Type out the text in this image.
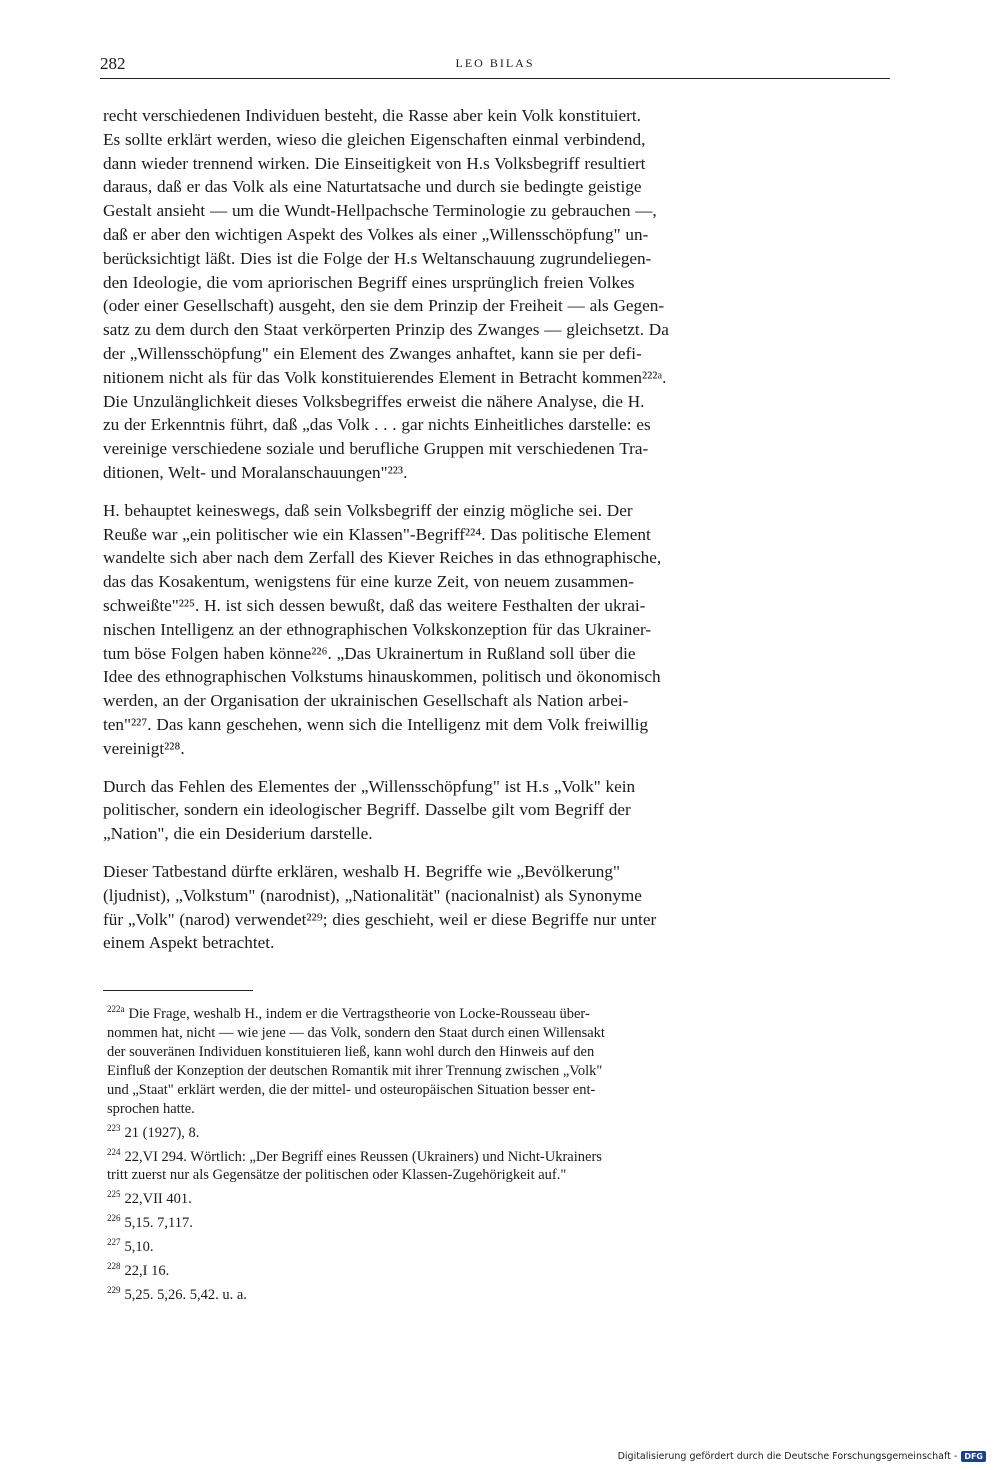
282	LEO BILAS

recht verschiedenen Individuen besteht, die Rasse aber kein Volk konstituiert.
Es sollte erklärt werden, wieso die gleichen Eigenschaften einmal verbindend,
dann wieder trennend wirken. Die Einseitigkeit von H.s Volksbegriff resultiert
daraus, daß er das Volk als eine Naturtatsache und durch sie bedingte geistige
Gestalt ansieht — um die Wundt-Hellpachsche Terminologie zu gebrauchen —,
daß er aber den wichtigen Aspekt des Volkes als einer „Willensschöpfung" un-
berücksichtigt läßt. Dies ist die Folge der H.s Weltanschauung zugrundeliegen-
den Ideologie, die vom apriorischen Begriff eines ursprünglich freien Volkes
(oder einer Gesellschaft) ausgeht, den sie dem Prinzip der Freiheit — als Gegen-
satz zu dem durch den Staat verkörperten Prinzip des Zwanges — gleichsetzt. Da
der „Willensschöpfung" ein Element des Zwanges anhaftet, kann sie per defi-
nitionem nicht als für das Volk konstituierendes Element in Betracht kommen²²²ᵃ.
Die Unzulänglichkeit dieses Volksbegriffes erweist die nähere Analyse, die H.
zu der Erkenntnis führt, daß „das Volk . . . gar nichts Einheitliches darstelle: es
vereinige verschiedene soziale und berufliche Gruppen mit verschiedenen Tra-
ditionen, Welt- und Moralanschauungen"²²³.

H. behauptet keineswegs, daß sein Volksbegriff der einzig mögliche sei. Der
Reuße war „ein politischer wie ein Klassen"-Begriff²²⁴. Das politische Element
wandelte sich aber nach dem Zerfall des Kiever Reiches in das ethnographische,
das das Kosakentum, wenigstens für eine kurze Zeit, von neuem zusammen-
schweißte"²²⁵. H. ist sich dessen bewußt, daß das weitere Festhalten der ukrai-
nischen Intelligenz an der ethnographischen Volkskonzeption für das Ukrainer-
tum böse Folgen haben könne²²⁶. „Das Ukrainertum in Rußland soll über die
Idee des ethnographischen Volkstums hinauskommen, politisch und ökonomisch
werden, an der Organisation der ukrainischen Gesellschaft als Nation arbei-
ten"²²⁷. Das kann geschehen, wenn sich die Intelligenz mit dem Volk freiwillig
vereinigt²²⁸.

Durch das Fehlen des Elementes der „Willensschöpfung" ist H.s „Volk" kein
politischer, sondern ein ideologischer Begriff. Dasselbe gilt vom Begriff der
„Nation", die ein Desiderium darstelle.

Dieser Tatbestand dürfte erklären, weshalb H. Begriffe wie „Bevölkerung"
(ljudnist), „Volkstum" (narodnist), „Nationalität" (nacionalnist) als Synonyme
für „Volk" (narod) verwendet²²⁹; dies geschieht, weil er diese Begriffe nur unter
einem Aspekt betrachtet.

$^{222a}$ Die Frage, weshalb H., indem er die Vertragstheorie von Locke-Rousseau über-
nommen hat, nicht — wie jene — das Volk, sondern den Staat durch einen Willensakt
der souveränen Individuen konstituieren ließ, kann wohl durch den Hinweis auf den
Einfluß der Konzeption der deutschen Romantik mit ihrer Trennung zwischen „Volk"
und „Staat" erklärt werden, die der mittel- und osteuropäischen Situation besser ent-
sprochen hatte.
$^{223}$ 21 (1927), 8.
$^{224}$ 22,VI 294. Wörtlich: „Der Begriff eines Reussen (Ukrainers) und Nicht-Ukrainers
tritt zuerst nur als Gegensätze der politischen oder Klassen-Zugehörigkeit auf."
$^{225}$ 22,VII 401.
$^{226}$ 5,15. 7,117.
$^{227}$ 5,10.
$^{228}$ 22,I 16.
$^{229}$ 5,25. 5,26. 5,42. u. a.
Digitalisierung gefördert durch die Deutsche Forschungsgemeinschaft - DFG
